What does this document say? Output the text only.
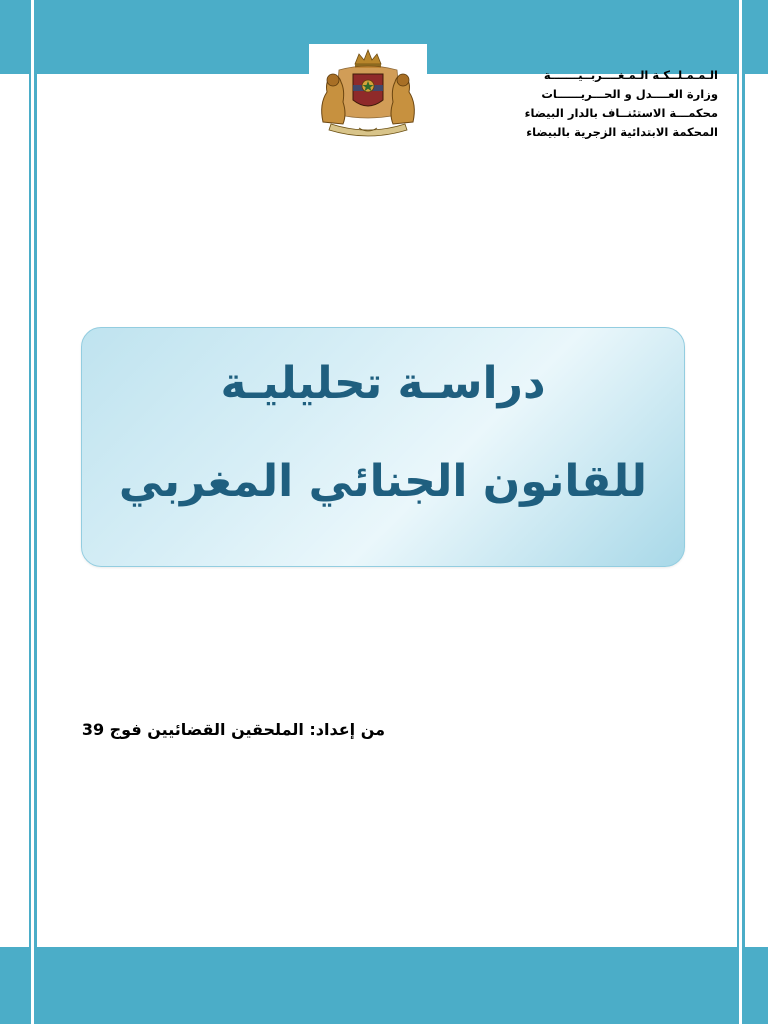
الـمـمـلــكـة الـمـغــــربــيـــــــة
وزارة العــــدل و الحـــريــــــات
محكمـــة الاستئنــاف بالدار البيضاء
المحكمة الابتدائية الزجرية بالبيضاء
دراسـة تحليليـة
للقانون الجنائي المغربي
من إعداد: الملحقين القضائيين فوج 39
